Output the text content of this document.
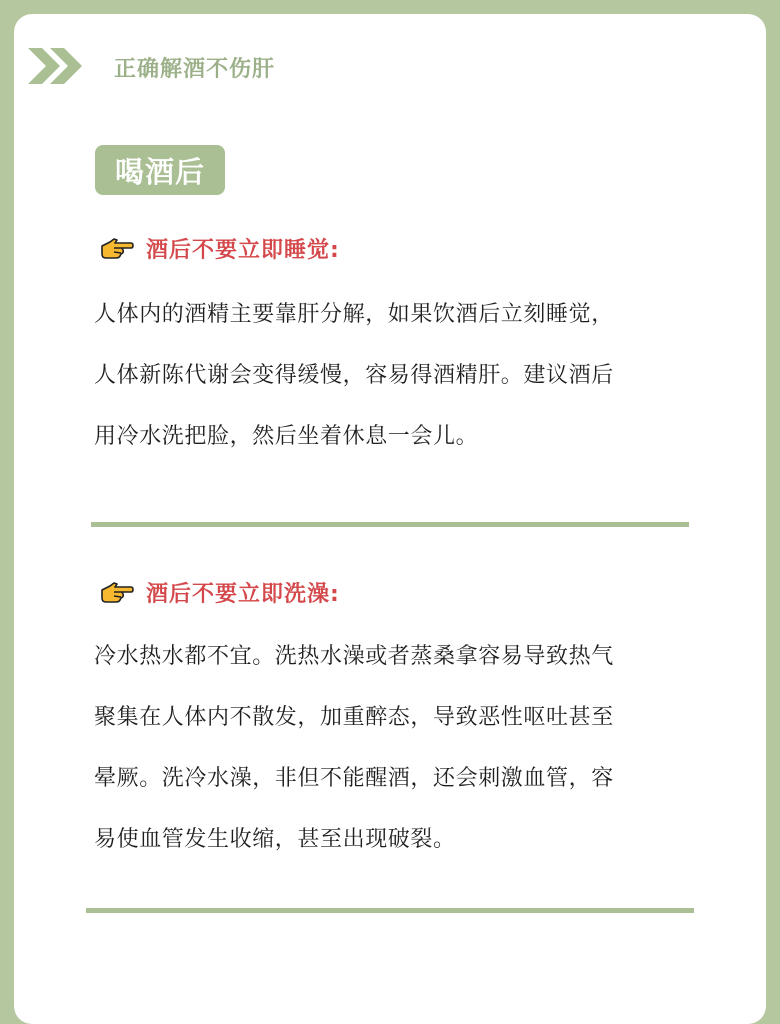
正确解酒不伤肝
喝酒后
酒后不要立即睡觉:
人体内的酒精主要靠肝分解，如果饮酒后立刻睡觉，
人体新陈代谢会变得缓慢，容易得酒精肝。建议酒后
用冷水洗把脸，然后坐着休息一会儿。
酒后不要立即洗澡:
冷水热水都不宜。洗热水澡或者蒸桑拿容易导致热气
聚集在人体内不散发，加重醉态，导致恶性呕吐甚至
晕厥。洗冷水澡，非但不能醒酒，还会刺激血管，容
易使血管发生收缩，甚至出现破裂。
